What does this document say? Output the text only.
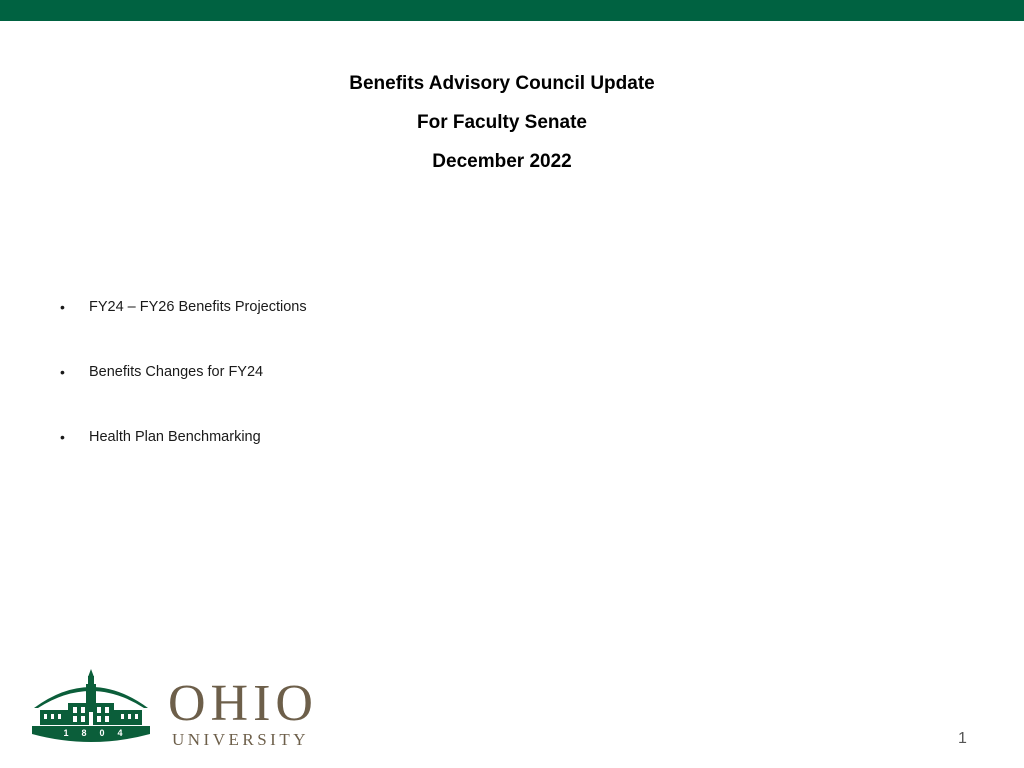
Benefits Advisory Council Update
For Faculty Senate
December 2022
• FY24 – FY26 Benefits Projections
• Benefits Changes for FY24
• Health Plan Benchmarking
1 8 0 4
OHIO
UNIVERSITY	1
